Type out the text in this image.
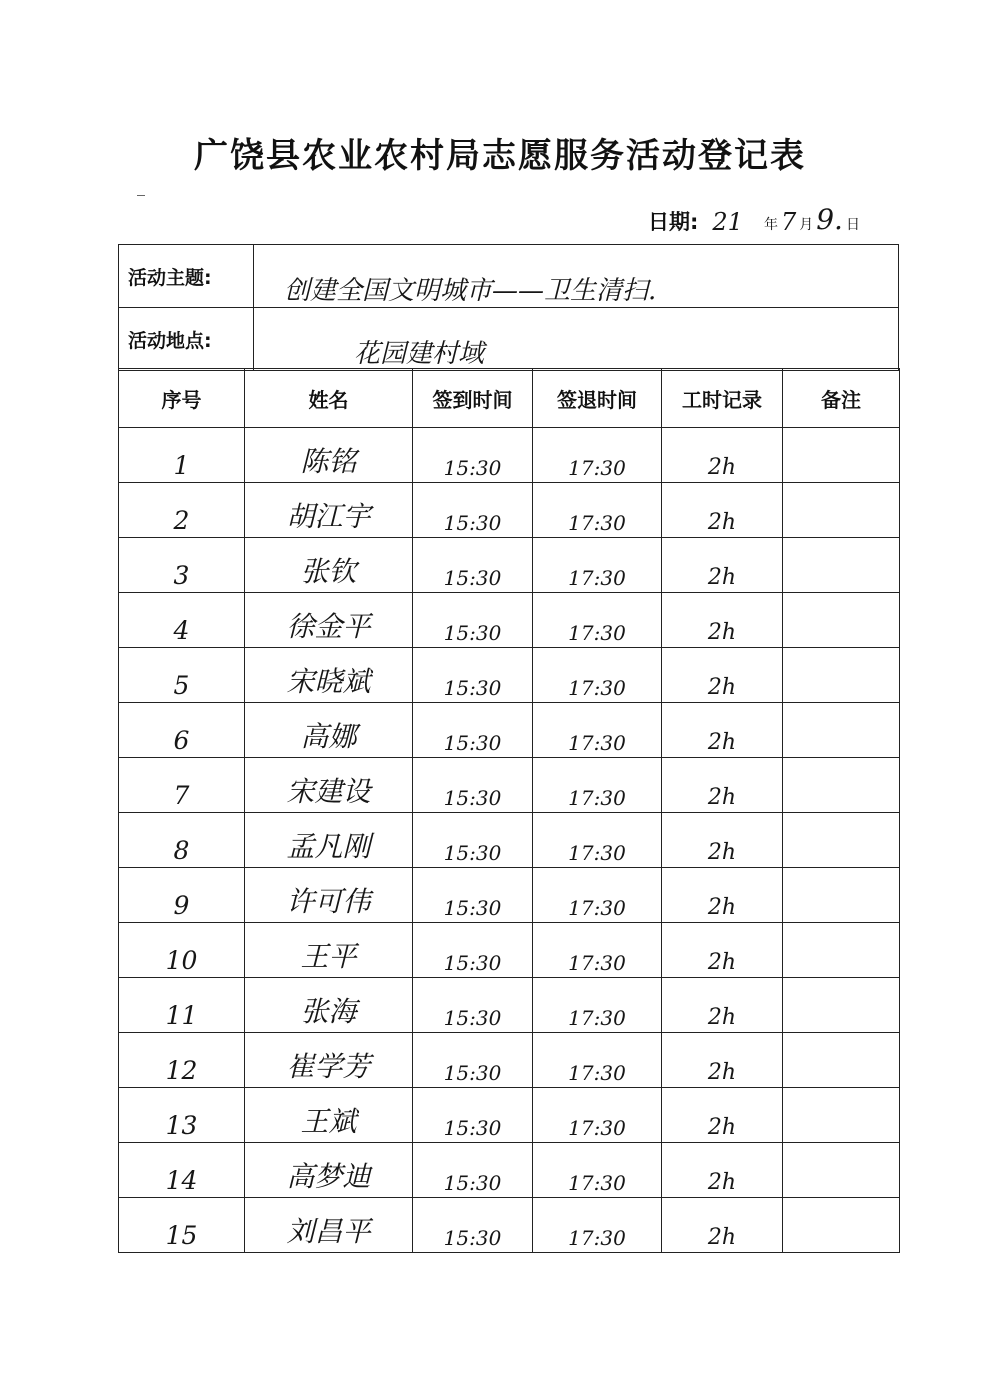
广饶县农业农村局志愿服务活动登记表
日期: 21 年 7 月 9. 日
活动主题:	创建全国文明城市——卫生清扫.
活动地点:	花园建村域
序号	姓名	签到时间	签退时间	工时记录	备注
1	陈铭	15:30	17:30	2h	
2	胡江宇	15:30	17:30	2h	
3	张钦	15:30	17:30	2h	
4	徐金平	15:30	17:30	2h	
5	宋晓斌	15:30	17:30	2h	
6	高娜	15:30	17:30	2h	
7	宋建设	15:30	17:30	2h	
8	孟凡刚	15:30	17:30	2h	
9	许可伟	15:30	17:30	2h	
10	王平	15:30	17:30	2h	
11	张海	15:30	17:30	2h	
12	崔学芳	15:30	17:30	2h	
13	王斌	15:30	17:30	2h	
14	高梦迪	15:30	17:30	2h	
15	刘昌平	15:30	17:30	2h	
